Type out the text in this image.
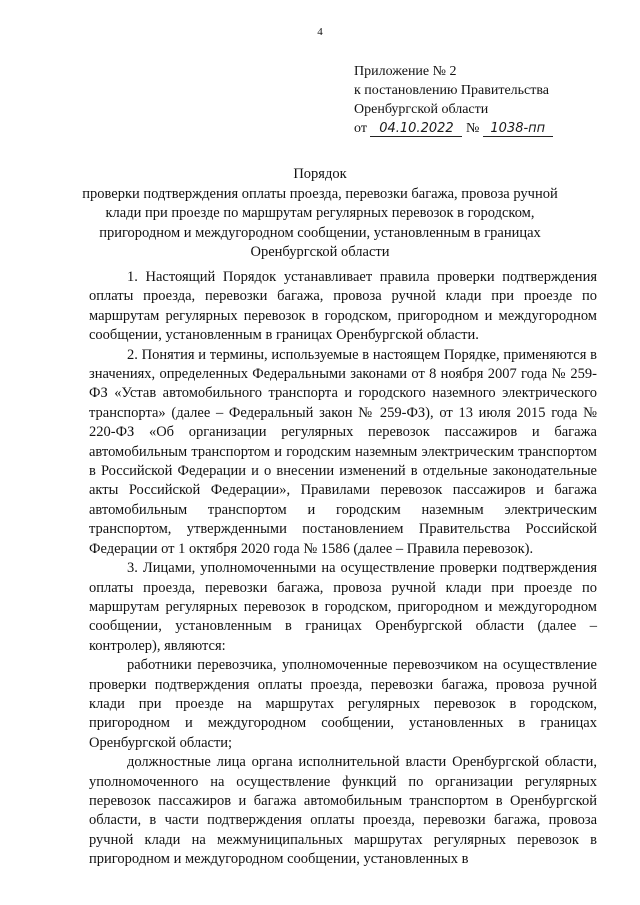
4
Приложение № 2
к постановлению Правительства
Оренбургской области
от 04.10.2022 № 1038-пп
Порядок
проверки подтверждения оплаты проезда, перевозки багажа, провоза ручной клади при проезде по маршрутам регулярных перевозок в городском, пригородном и междугородном сообщении, установленным в границах Оренбургской области

1. Настоящий Порядок устанавливает правила проверки подтверждения оплаты проезда, перевозки багажа, провоза ручной клади при проезде по маршрутам регулярных перевозок в городском, пригородном и междугородном сообщении, установленным в границах Оренбургской области.

2. Понятия и термины, используемые в настоящем Порядке, применяются в значениях, определенных Федеральными законами от 8 ноября 2007 года № 259-ФЗ «Устав автомобильного транспорта и городского наземного электрического транспорта» (далее – Федеральный закон № 259-ФЗ), от 13 июля 2015 года № 220-ФЗ «Об организации регулярных перевозок пассажиров и багажа автомобильным транспортом и городским наземным электрическим транспортом в Российской Федерации и о внесении изменений в отдельные законодательные акты Российской Федерации», Правилами перевозок пассажиров и багажа автомобильным транспортом и городским наземным электрическим транспортом, утвержденными постановлением Правительства Российской Федерации от 1 октября 2020 года № 1586 (далее – Правила перевозок).

3. Лицами, уполномоченными на осуществление проверки подтверждения оплаты проезда, перевозки багажа, провоза ручной клади при проезде по маршрутам регулярных перевозок в городском, пригородном и междугородном сообщении, установленным в границах Оренбургской области (далее – контролер), являются:

работники перевозчика, уполномоченные перевозчиком на осуществление проверки подтверждения оплаты проезда, перевозки багажа, провоза ручной клади при проезде на маршрутах регулярных перевозок в городском, пригородном и междугородном сообщении, установленных в границах Оренбургской области;

должностные лица органа исполнительной власти Оренбургской области, уполномоченного на осуществление функций по организации регулярных перевозок пассажиров и багажа автомобильным транспортом в Оренбургской области, в части подтверждения оплаты проезда, перевозки багажа, провоза ручной клади на межмуниципальных маршрутах регулярных перевозок в пригородном и междугородном сообщении, установленных в
